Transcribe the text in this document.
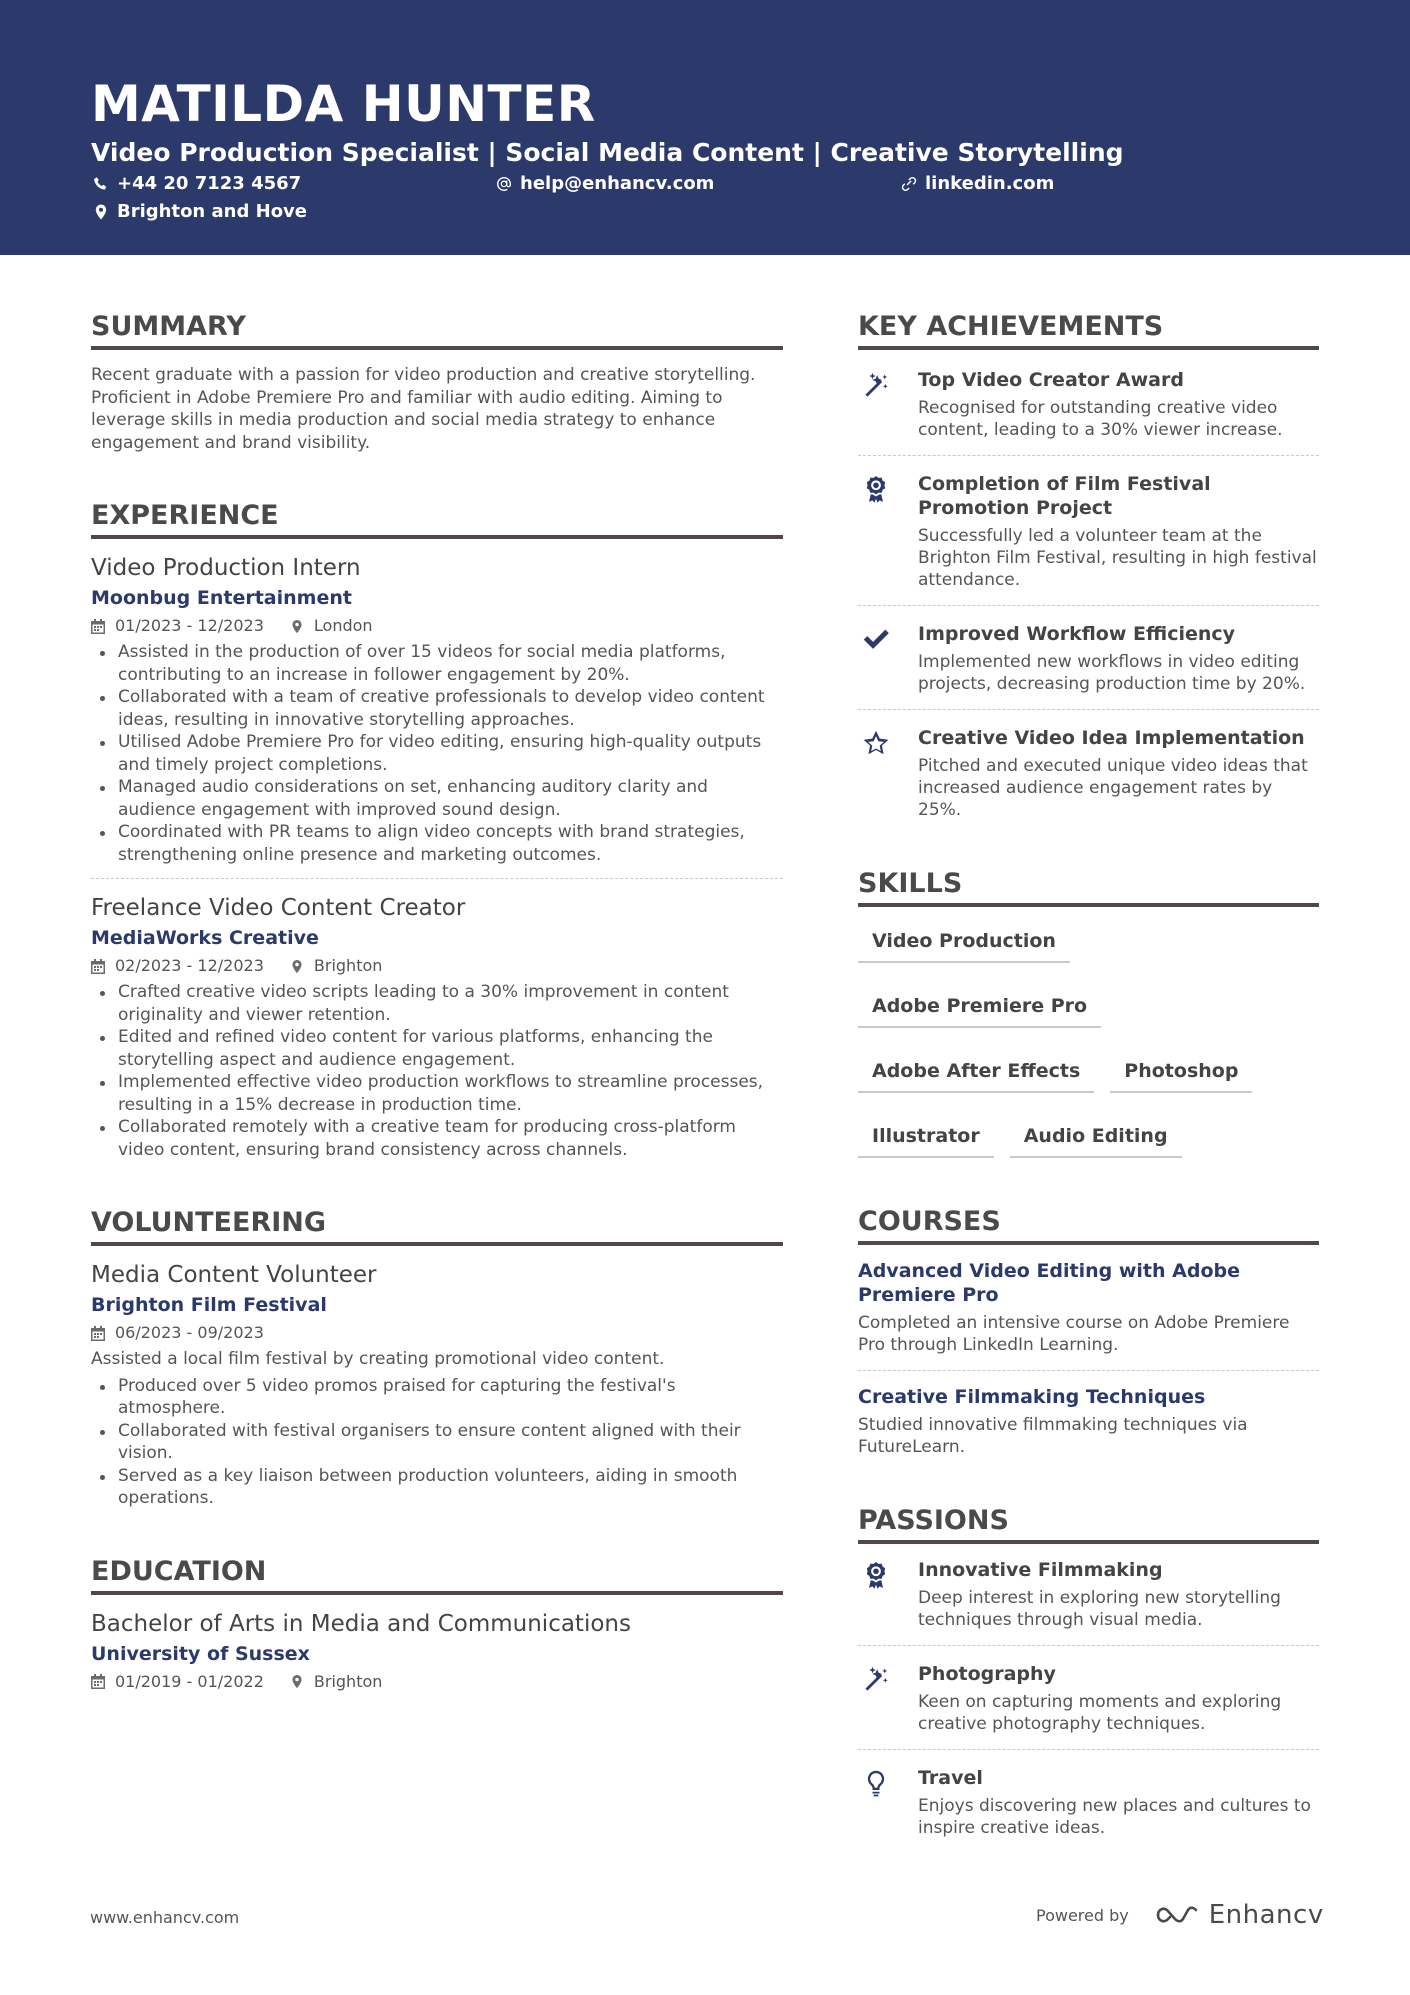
MATILDA HUNTER
Video Production Specialist | Social Media Content | Creative Storytelling
+44 20 7123 4567	help@enhancv.com	linkedin.com
Brighton and Hove
SUMMARY

Recent graduate with a passion for video production and creative storytelling. Proficient in Adobe Premiere Pro and familiar with audio editing. Aiming to leverage skills in media production and social media strategy to enhance engagement and brand visibility.

EXPERIENCE
Video Production Intern
Moonbug Entertainment
01/2023 - 12/2023	London
Assisted in the production of over 15 videos for social media platforms, contributing to an increase in follower engagement by 20%.
Collaborated with a team of creative professionals to develop video content ideas, resulting in innovative storytelling approaches.
Utilised Adobe Premiere Pro for video editing, ensuring high-quality outputs and timely project completions.
Managed audio considerations on set, enhancing auditory clarity and audience engagement with improved sound design.
Coordinated with PR teams to align video concepts with brand strategies, strengthening online presence and marketing outcomes.
Freelance Video Content Creator
MediaWorks Creative
02/2023 - 12/2023	Brighton
Crafted creative video scripts leading to a 30% improvement in content originality and viewer retention.
Edited and refined video content for various platforms, enhancing the storytelling aspect and audience engagement.
Implemented effective video production workflows to streamline processes, resulting in a 15% decrease in production time.
Collaborated remotely with a creative team for producing cross-platform video content, ensuring brand consistency across channels.
VOLUNTEERING
Media Content Volunteer
Brighton Film Festival
06/2023 - 09/2023

Assisted a local film festival by creating promotional video content.

Produced over 5 video promos praised for capturing the festival's atmosphere.
Collaborated with festival organisers to ensure content aligned with their vision.
Served as a key liaison between production volunteers, aiding in smooth operations.
EDUCATION
Bachelor of Arts in Media and Communications
University of Sussex
01/2019 - 01/2022	Brighton
KEY ACHIEVEMENTS
Top Video Creator Award
Recognised for outstanding creative video content, leading to a 30% viewer increase.
Completion of Film Festival Promotion Project
Successfully led a volunteer team at the Brighton Film Festival, resulting in high festival attendance.
Improved Workflow Efficiency
Implemented new workflows in video editing projects, decreasing production time by 20%.
Creative Video Idea Implementation
Pitched and executed unique video ideas that increased audience engagement rates by 25%.
SKILLS
Video Production
Adobe Premiere Pro
Adobe After Effects	Photoshop
Illustrator	Audio Editing
COURSES
Advanced Video Editing with Adobe Premiere Pro
Completed an intensive course on Adobe Premiere Pro through LinkedIn Learning.
Creative Filmmaking Techniques
Studied innovative filmmaking techniques via FutureLearn.
PASSIONS
Innovative Filmmaking
Deep interest in exploring new storytelling techniques through visual media.
Photography
Keen on capturing moments and exploring creative photography techniques.
Travel
Enjoys discovering new places and cultures to inspire creative ideas.
www.enhancv.com	Powered by	Enhancv
